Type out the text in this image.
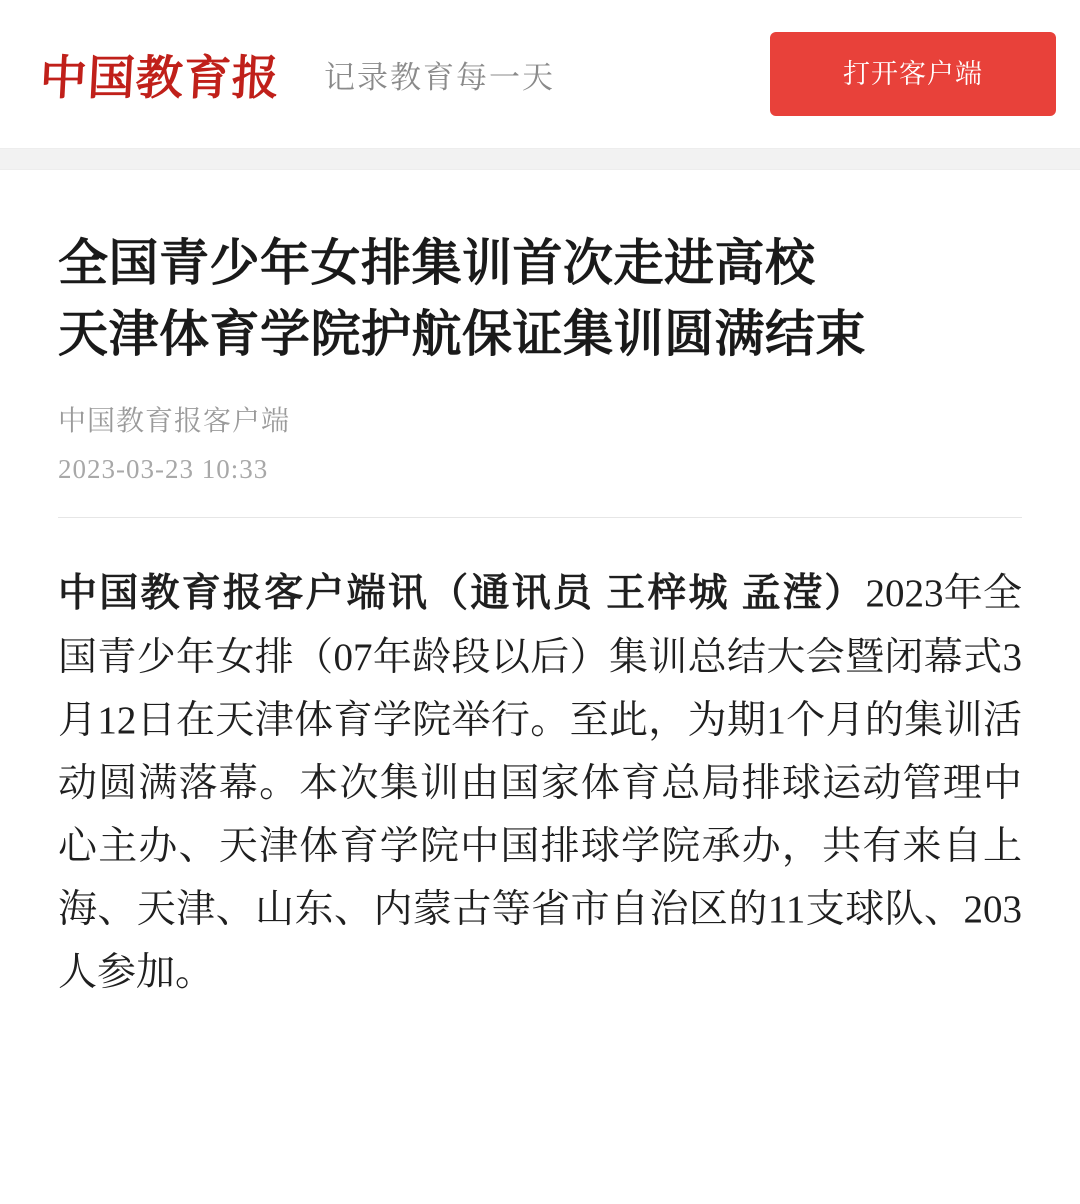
中国教育报 记录教育每一天	打开客户端
全国青少年女排集训首次走进高校
天津体育学院护航保证集训圆满结束
中国教育报客户端
2023-03-23 10:33

中国教育报客户端讯（通讯员 王梓城 孟滢）2023年全国青少年女排（07年龄段以后）集训总结大会暨闭幕式3月12日在天津体育学院举行。至此，为期1个月的集训活动圆满落幕。本次集训由国家体育总局排球运动管理中心主办、天津体育学院中国排球学院承办，共有来自上海、天津、山东、内蒙古等省市自治区的11支球队、203人参加。
